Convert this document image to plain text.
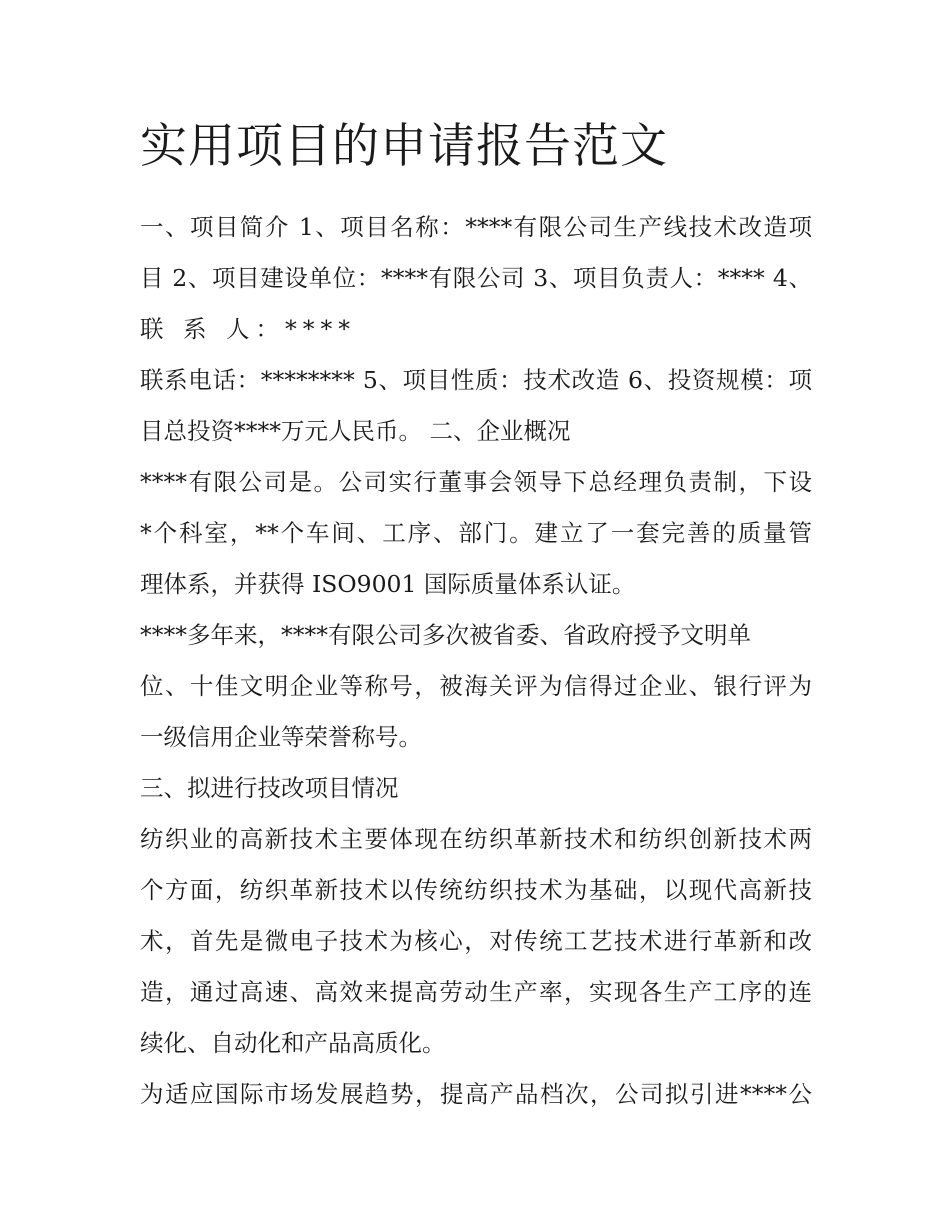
实用项目的申请报告范文

一、项目简介 1、项目名称：****有限公司生产线技术改造项

目 2、项目建设单位：****有限公司 3、项目负责人：**** 4、

联 系 人：****

联系电话：******** 5、项目性质：技术改造 6、投资规模：项

目总投资****万元人民币。 二、企业概况

****有限公司是。公司实行董事会领导下总经理负责制，下设

*个科室，**个车间、工序、部门。建立了一套完善的质量管

理体系，并获得 ISO9001 国际质量体系认证。

****多年来，****有限公司多次被省委、省政府授予文明单

位、十佳文明企业等称号，被海关评为信得过企业、银行评为

一级信用企业等荣誉称号。

三、拟进行技改项目情况

纺织业的高新技术主要体现在纺织革新技术和纺织创新技术两

个方面，纺织革新技术以传统纺织技术为基础，以现代高新技

术，首先是微电子技术为核心，对传统工艺技术进行革新和改

造，通过高速、高效来提高劳动生产率，实现各生产工序的连

续化、自动化和产品高质化。

为适应国际市场发展趋势，提高产品档次，公司拟引进****公
